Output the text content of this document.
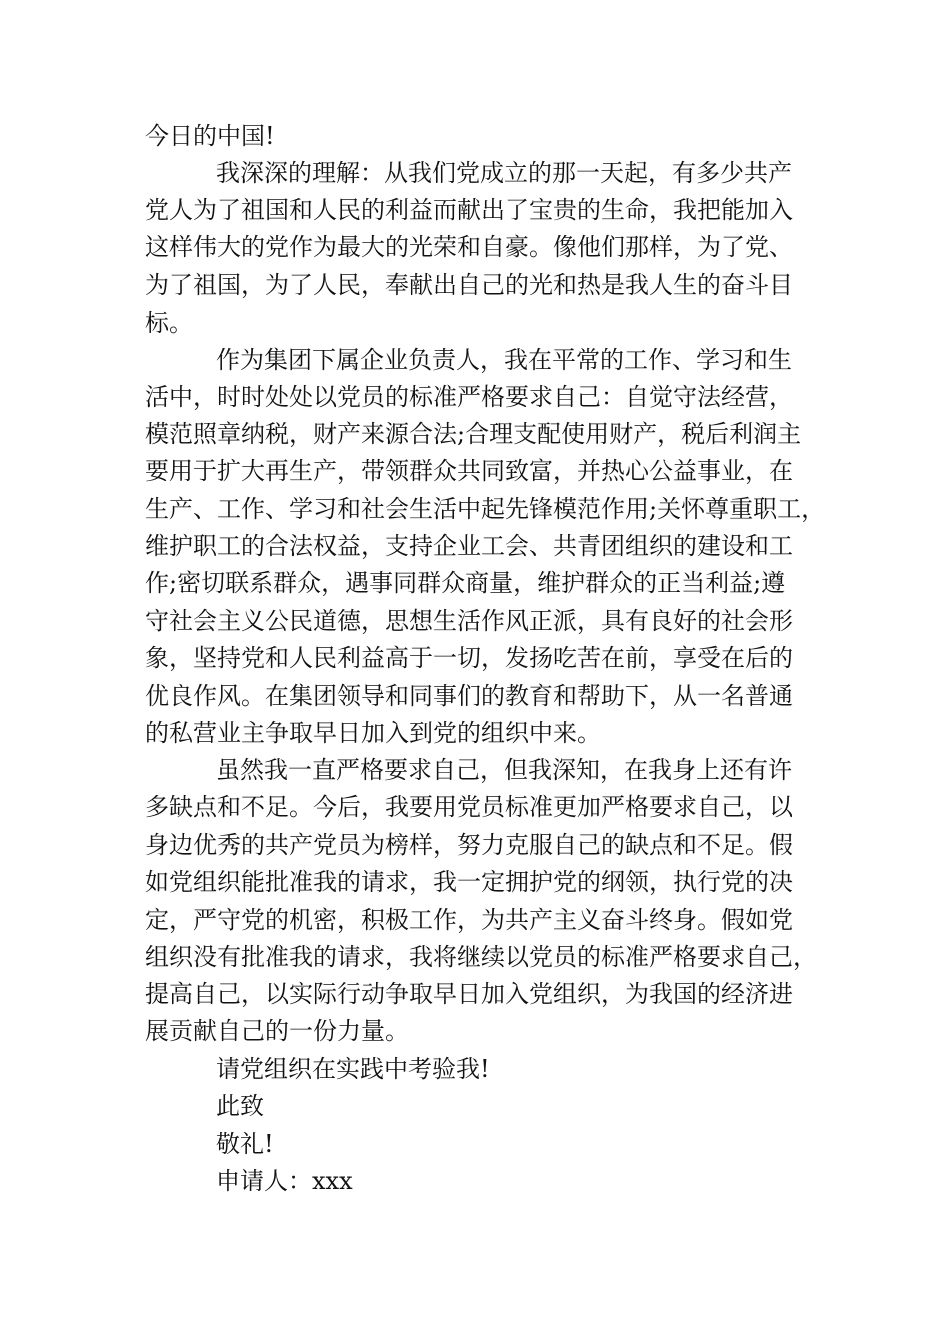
今日的中国!
我深深的理解：从我们党成立的那一天起，有多少共产
党人为了祖国和人民的利益而献出了宝贵的生命，我把能加入
这样伟大的党作为最大的光荣和自豪。像他们那样，为了党、
为了祖国，为了人民，奉献出自己的光和热是我人生的奋斗目
标。
作为集团下属企业负责人，我在平常的工作、学习和生
活中，时时处处以党员的标准严格要求自己：自觉守法经营，
模范照章纳税，财产来源合法;合理支配使用财产，税后利润主
要用于扩大再生产，带领群众共同致富，并热心公益事业，在
生产、工作、学习和社会生活中起先锋模范作用;关怀尊重职工，
维护职工的合法权益，支持企业工会、共青团组织的建设和工
作;密切联系群众，遇事同群众商量，维护群众的正当利益;遵
守社会主义公民道德，思想生活作风正派，具有良好的社会形
象，坚持党和人民利益高于一切，发扬吃苦在前，享受在后的
优良作风。在集团领导和同事们的教育和帮助下，从一名普通
的私营业主争取早日加入到党的组织中来。
虽然我一直严格要求自己，但我深知，在我身上还有许
多缺点和不足。今后，我要用党员标准更加严格要求自己，以
身边优秀的共产党员为榜样，努力克服自己的缺点和不足。假
如党组织能批准我的请求，我一定拥护党的纲领，执行党的决
定，严守党的机密，积极工作，为共产主义奋斗终身。假如党
组织没有批准我的请求，我将继续以党员的标准严格要求自己，
提高自己，以实际行动争取早日加入党组织，为我国的经济进
展贡献自己的一份力量。
请党组织在实践中考验我!
此致
敬礼!
申请人：xxx
